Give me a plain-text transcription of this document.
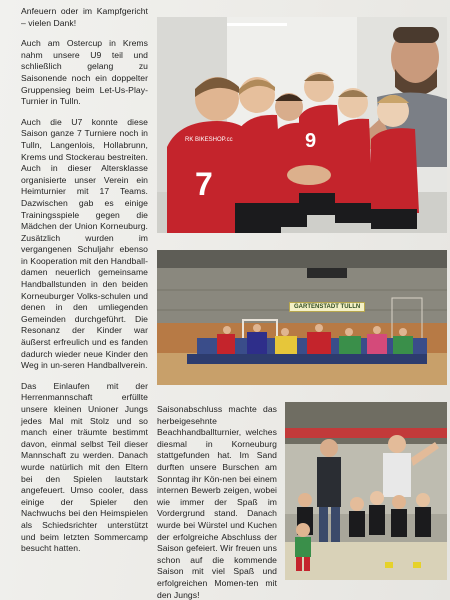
Anfeuern oder im Kampfgericht – vielen Dank!

Auch am Ostercup in Krems nahm unsere U9 teil und schließlich gelang zu Saisonende noch ein doppelter Gruppensieg beim Let-Us-Play-Turnier in Tulln.

Auch die U7 konnte diese Saison ganze 7 Turniere noch in Tulln, Langenlois, Hollabrunn, Krems und Stockerau bestreiten. Auch in dieser Altersklasse organisierte unser Verein ein Heimturnier mit 17 Teams. Dazwischen gab es einige Trainingsspiele gegen die Mädchen der Union Korneuburg. Zusätzlich wurden im vergangenen Schuljahr ebenso in Kooperation mit den Handball-damen neuerlich gemeinsame Handballstunden in den beiden Korneuburger Volks-schulen und denen in den umliegenden Gemeinden durchgeführt. Die Resonanz der Kinder war äußerst erfreulich und es fanden dadurch wieder neue Kinder den Weg in un-seren Handballverein.

Das Einlaufen mit der Herrenmannschaft erfüllte unsere kleinen Unioner Jungs jedes Mal mit Stolz und so manch einer träumte bestimmt davon, einmal selbst Teil dieser Mannschaft zu werden. Danach wurde natürlich mit den Eltern bei den Spielen lautstark angefeuert. Umso cooler, dass einige der Spieler den Nachwuchs bei den Heimspielen als Schiedsrichter unterstützt und beim letzten Sommercamp besucht hatten.

7
9
RK BIKESHOP.cc
GARTENSTADT TULLN

Saisonabschluss machte das herbeigesehnte Beachhandballturnier, welches diesmal in Korneuburg stattgefunden hat. Im Sand durften unsere Burschen am Sonntag ihr Kön-nen bei einem internen Bewerb zeigen, wobei wie immer der Spaß im Vordergrund stand. Danach wurde bei Würstel und Kuchen der erfolgreiche Abschluss der Saison gefeiert. Wir freuen uns schon auf die kommende Saison mit viel Spaß und erfolgreichen Momen-ten mit den Jungs!
